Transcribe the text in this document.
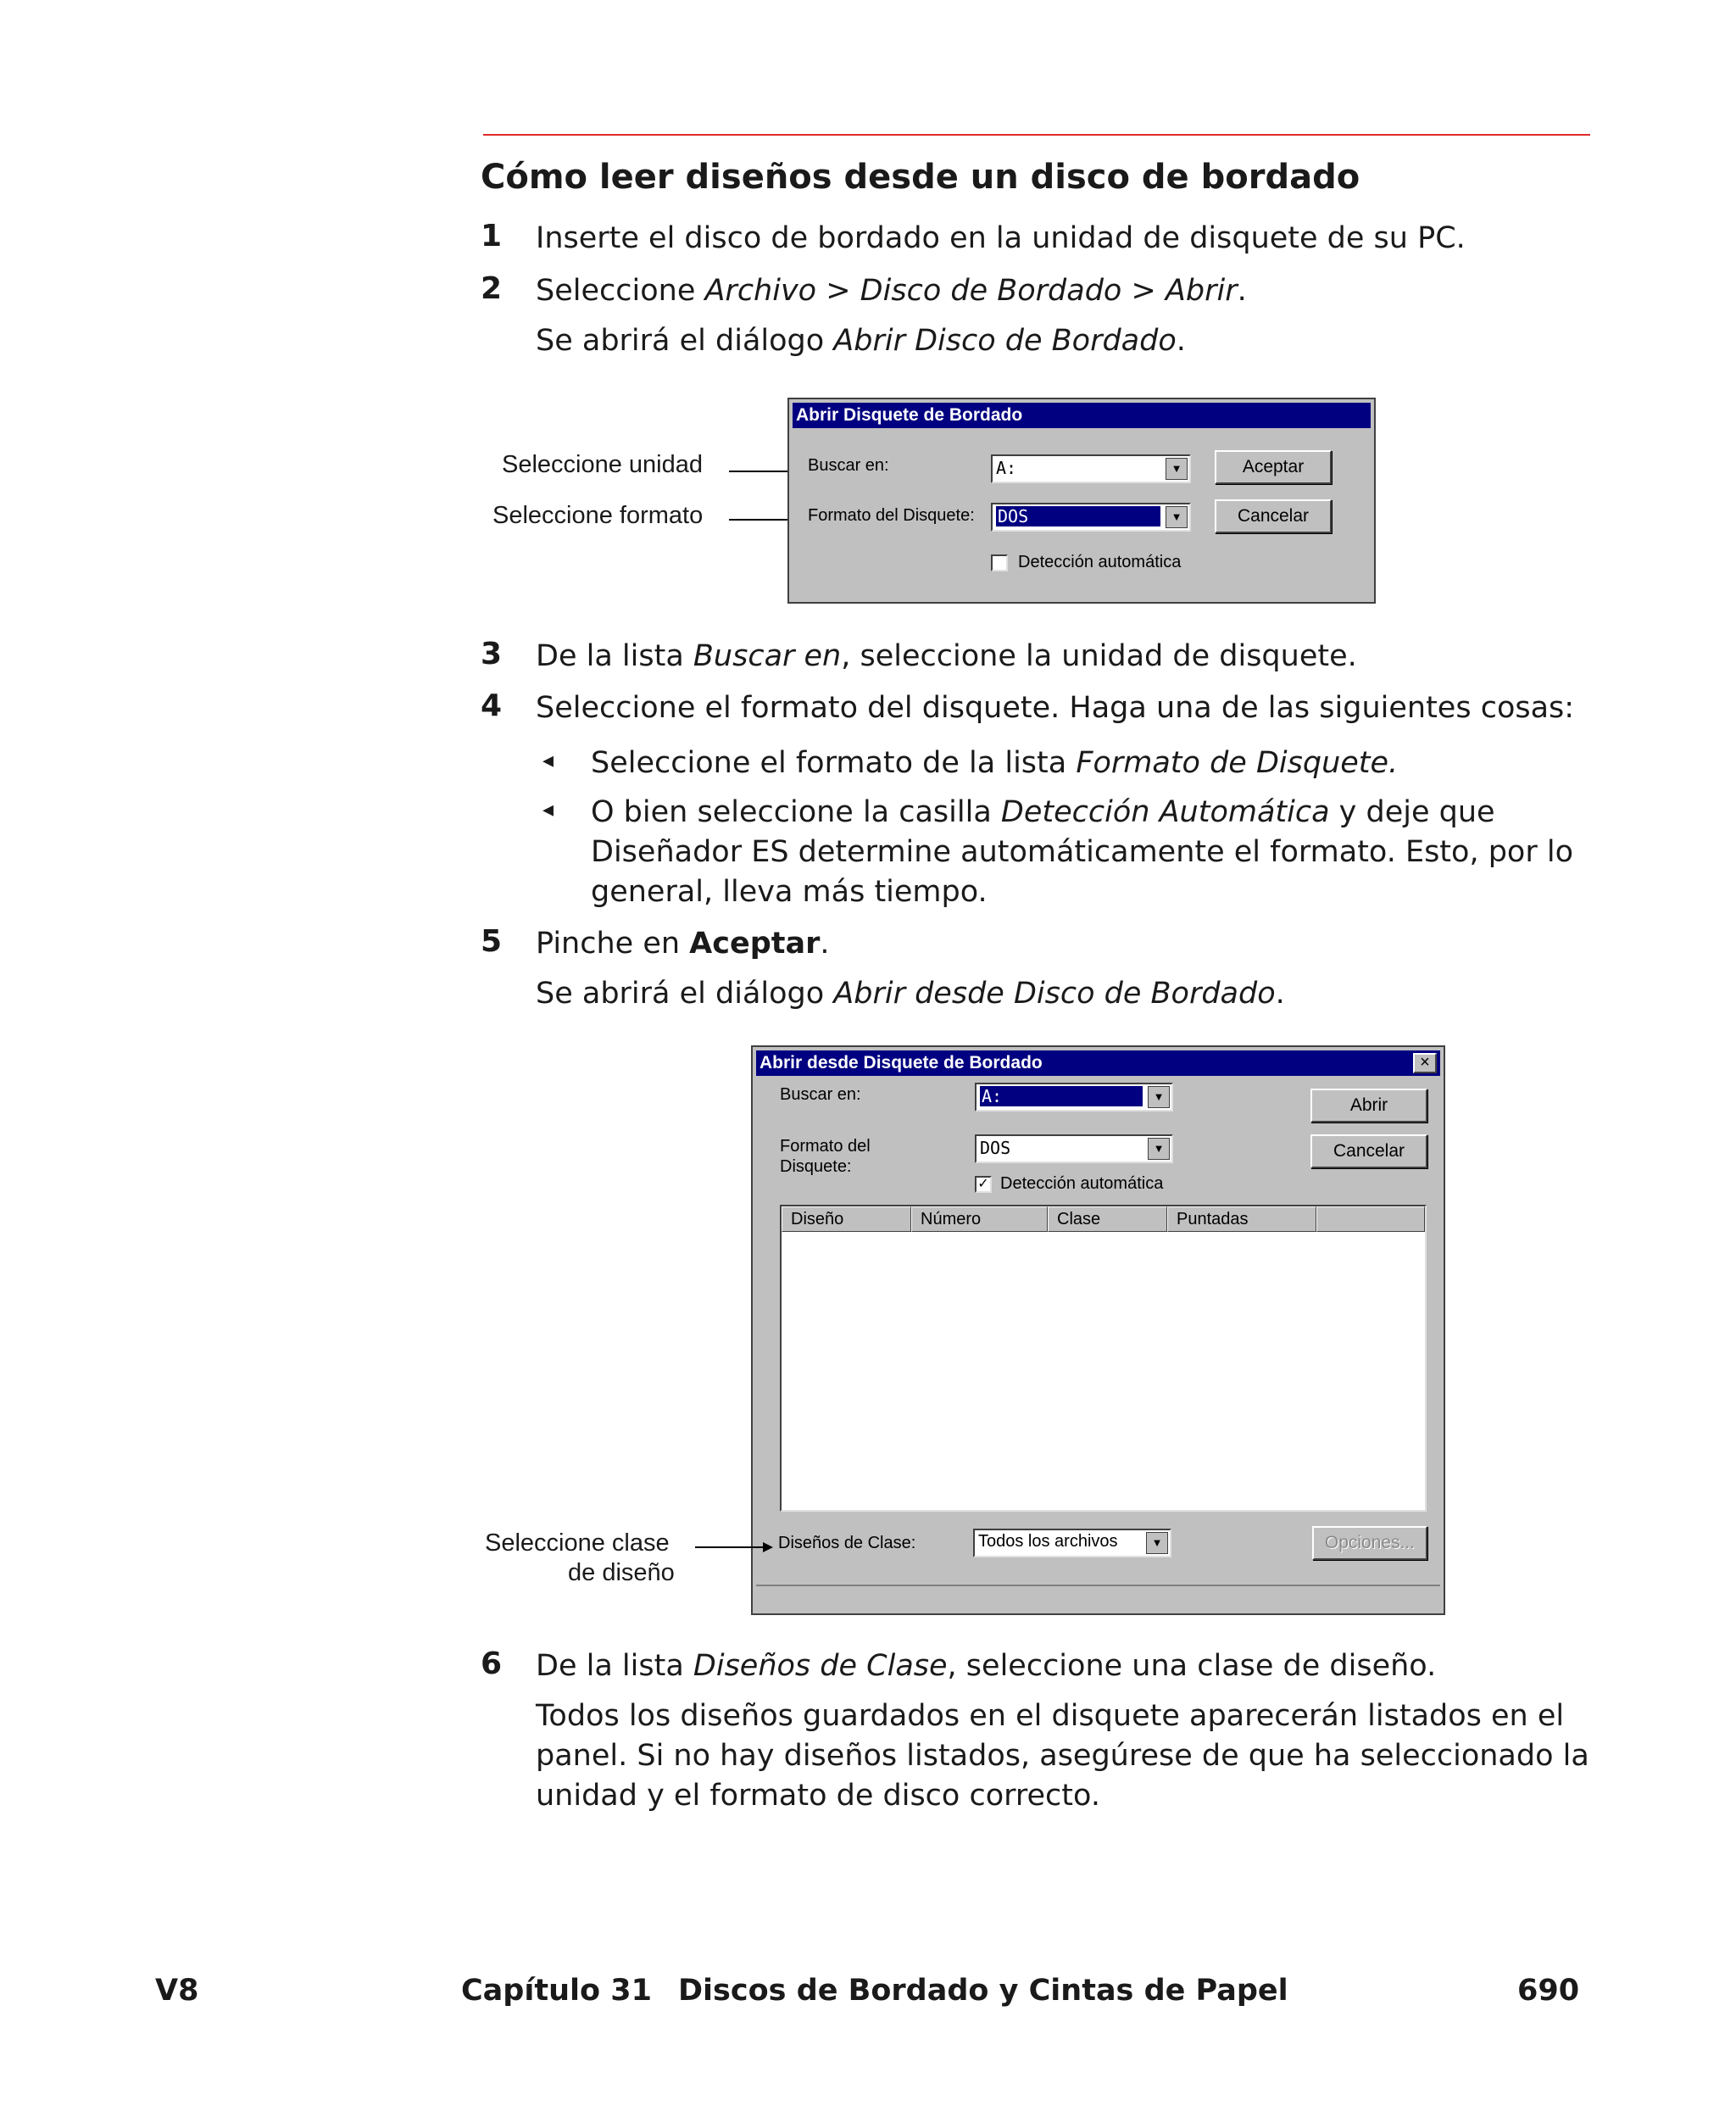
Cómo leer diseños desde un disco de bordado
1 Inserte el disco de bordado en la unidad de disquete de su PC.
2 Seleccione Archivo > Disco de Bordado > Abrir.
Se abrirá el diálogo Abrir Disco de Bordado.
Seleccione unidad
Seleccione formato
Abrir Disquete de Bordado
Buscar en:	A:	▼
Formato del Disquete: DOS	▼
Detección automática
Aceptar
Cancelar
3 De la lista Buscar en, seleccione la unidad de disquete.
4 Seleccione el formato del disquete. Haga una de las siguientes cosas:
◂ Seleccione el formato de la lista Formato de Disquete.
◂ O bien seleccione la casilla Detección Automática y deje que
Diseñador ES determine automáticamente el formato. Esto, por lo
general, lleva más tiempo.
5 Pinche en Aceptar.
Se abrirá el diálogo Abrir desde Disco de Bordado.
Abrir desde Disquete de Bordado	×
Buscar en:	A:	▼
Formato del
Disquete:
DOS	▼
✓ Detección automática
Abrir
Cancelar
Diseño	Número	Clase	Puntadas
Diseños de Clase:	Todos los archivos	▼	Opciones...
Seleccione clase
de diseño
6 De la lista Diseños de Clase, seleccione una clase de diseño.
Todos los diseños guardados en el disquete aparecerán listados en el
panel. Si no hay diseños listados, asegúrese de que ha seleccionado la
unidad y el formato de disco correcto.
V8	Capítulo 31 Discos de Bordado y Cintas de Papel	690
